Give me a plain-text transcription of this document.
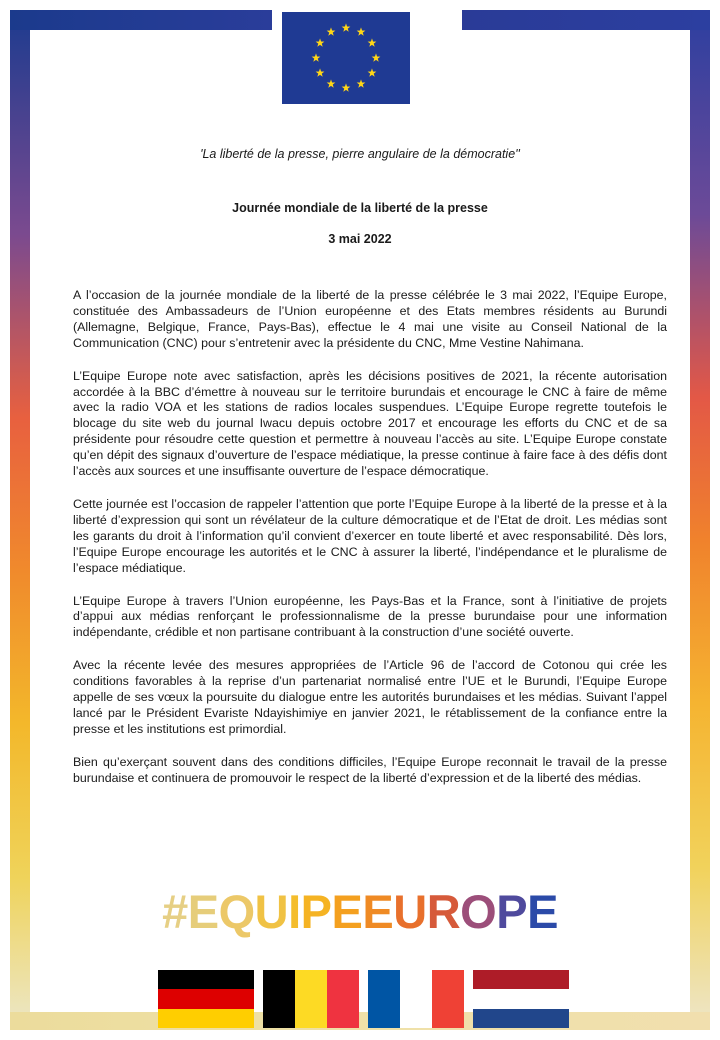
'La liberté de la presse, pierre angulaire de la démocratie''
Journée mondiale de la liberté de la presse
3 mai 2022

A l’occasion de la journée mondiale de la liberté de la presse célébrée le 3 mai 2022, l’Equipe Europe, constituée des Ambassadeurs de l’Union européenne et des Etats membres résidents au Burundi (Allemagne, Belgique, France, Pays-Bas), effectue le 4 mai une visite au Conseil National de la Communication (CNC) pour s’entretenir avec la présidente du CNC, Mme Vestine Nahimana.

L’Equipe Europe note avec satisfaction, après les décisions positives de 2021, la récente autorisation accordée à la BBC d’émettre à nouveau sur le territoire burundais et encourage le CNC à faire de même avec la radio VOA et les stations de radios locales suspendues. L’Equipe Europe regrette toutefois le blocage du site web du journal Iwacu depuis octobre 2017 et encourage les efforts du CNC et de sa présidente pour résoudre cette question et permettre à nouveau l’accès au site. L’Equipe Europe constate qu’en dépit des signaux d’ouverture de l’espace médiatique, la presse continue à faire face à des défis dont l’accès aux sources et une insuffisante ouverture de l’espace démocratique.

Cette journée est l’occasion de rappeler l’attention que porte l’Equipe Europe à la liberté de la presse et à la liberté d’expression qui sont un révélateur de la culture démocratique et de l’Etat de droit. Les médias sont les garants du droit à l’information qu’il convient d’exercer en toute liberté et avec responsabilité. Dès lors, l’Equipe Europe encourage les autorités et le CNC à assurer la liberté, l’indépendance et le pluralisme de l’espace médiatique.

L’Equipe Europe à travers l’Union européenne, les Pays-Bas et la France, sont à l’initiative de projets d’appui aux médias renforçant le professionnalisme de la presse burundaise pour une information indépendante, crédible et non partisane contribuant à la construction d’une société ouverte.

Avec la récente levée des mesures appropriées de l’Article 96 de l’accord de Cotonou qui crée les conditions favorables à la reprise d’un partenariat normalisé entre l’UE et le Burundi, l’Equipe Europe appelle de ses vœux la poursuite du dialogue entre les autorités burundaises et les médias. Suivant l’appel lancé par le Président Evariste Ndayishimiye en janvier 2021, le rétablissement de la confiance entre la presse et les institutions est primordial.

Bien qu’exerçant souvent dans des conditions difficiles, l’Equipe Europe reconnait le travail de la presse burundaise et continuera de promouvoir le respect de la liberté d’expression et de la liberté des médias.

#EQUIPEEUROPE
